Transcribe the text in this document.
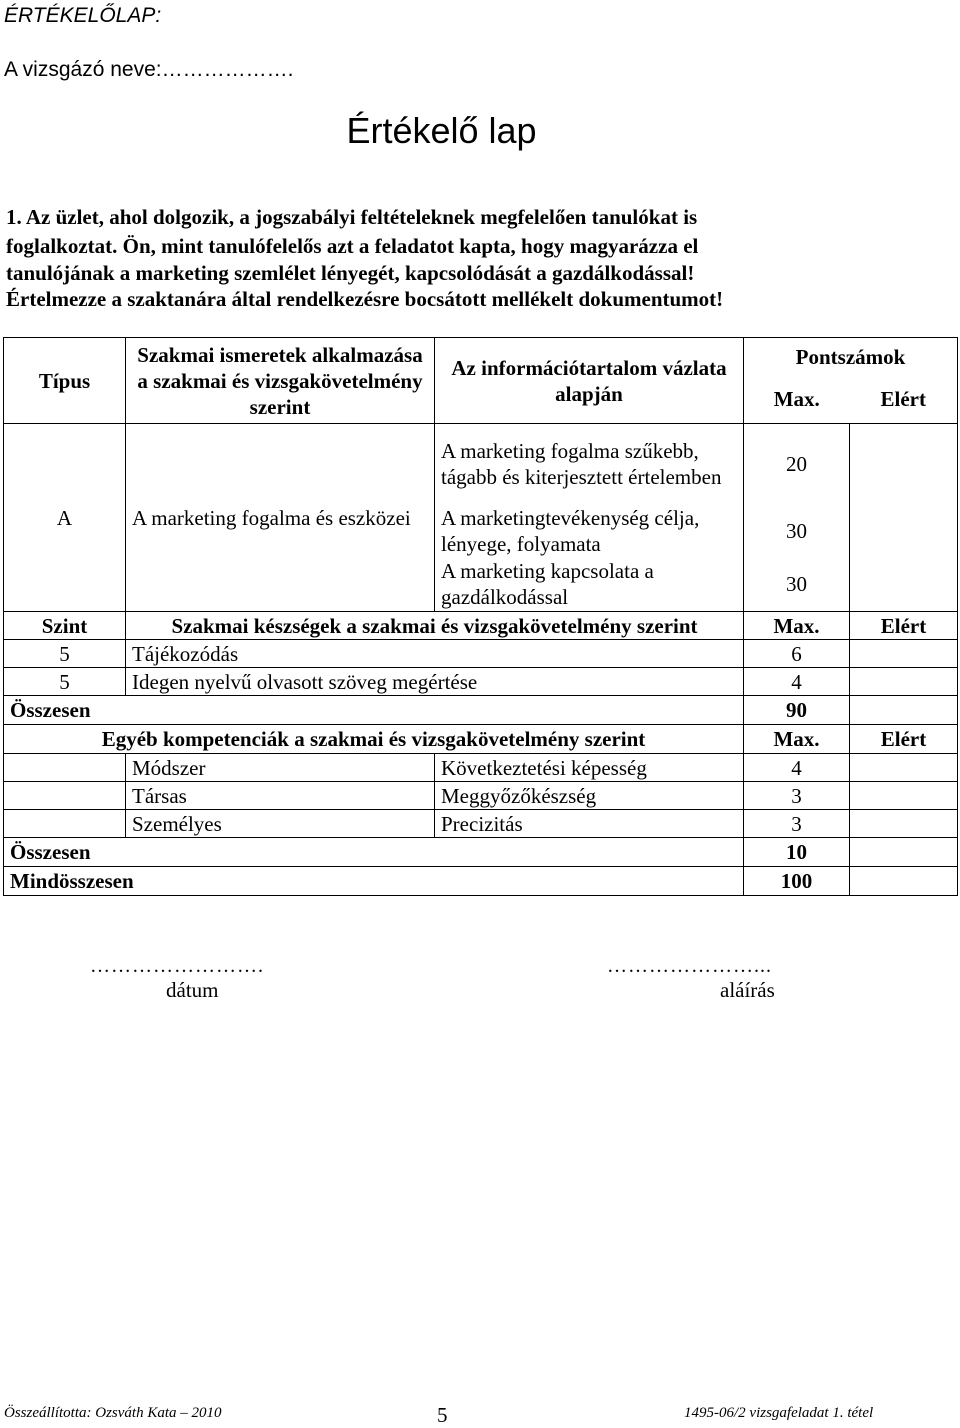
ÉRTÉKELŐLAP:
A vizsgázó neve:……………….
Értékelő lap
1. Az üzlet, ahol dolgozik, a jogszabályi feltételeknek megfelelően tanulókat is
foglalkoztat. Ön, mint tanulófelelős azt a feladatot kapta, hogy magyarázza el
tanulójának a marketing szemlélet lényegét, kapcsolódását a gazdálkodással!
Értelmezze a szaktanára által rendelkezésre bocsátott mellékelt dokumentumot!
Típus	Szakmai ismeretek alkalmazása a szakmai és vizsgakövetelmény szerint	Az információtartalom vázlata alapján	Pontszámok	
			Max.	Elért
A	A marketing fogalma és eszközei	A marketing fogalma szűkebb, tágabb és kiterjesztett értelemben	20	
		A marketingtevékenység célja, lényege, folyamata	30	
		A marketing kapcsolata a gazdálkodással	30	
Szint	Szakmai készségek a szakmai és vizsgakövetelmény szerint		Max.	Elért
5	Tájékozódás		6	
5	Idegen nyelvű olvasott szöveg megértése		4	
Összesen			90	
Egyéb kompetenciák a szakmai és vizsgakövetelmény szerint			Max.	Elért
	Módszer	Következtetési képesség	4	
	Társas	Meggyőzőkészség	3	
	Személyes	Precizitás	3	
Összesen			10	
Mindösszesen			100	
…………………….
dátum
…………………...
aláírás
Összeállította: Ozsváth Kata – 2010	5	1495-06/2 vizsgafeladat 1. tétel
